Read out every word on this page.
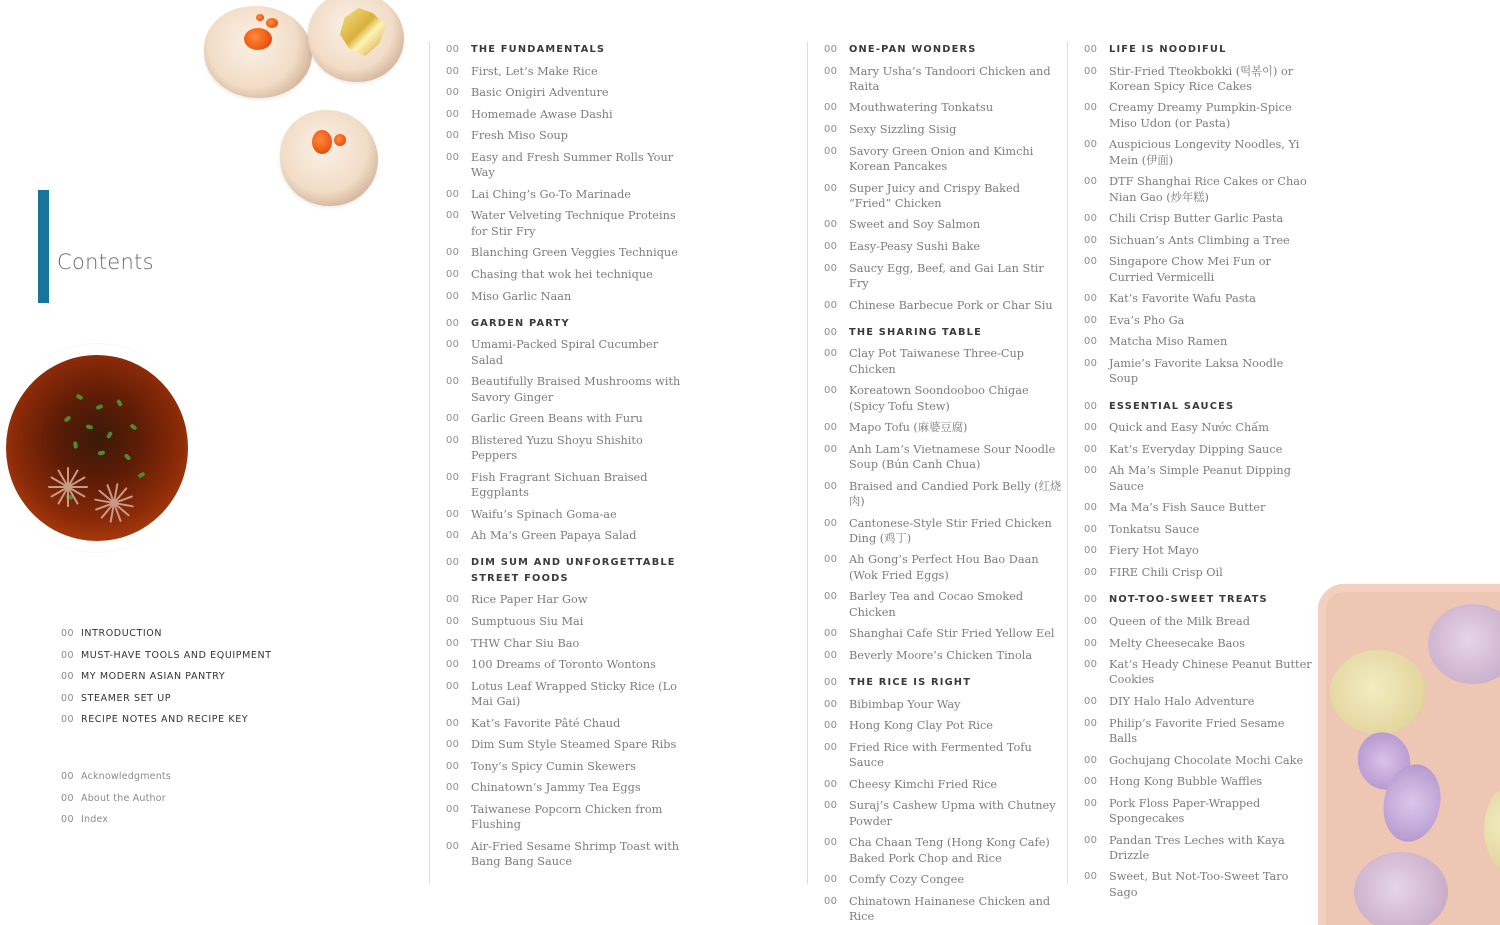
Contents
00 INTRODUCTION
00 MUST-HAVE TOOLS AND EQUIPMENT
00 MY MODERN ASIAN PANTRY
00 STEAMER SET UP
00 RECIPE NOTES AND RECIPE KEY
00 Acknowledgments
00 About the Author
00 Index
00	THE FUNDAMENTALS
00	First, Let’s Make Rice
00	Basic Onigiri Adventure
00	Homemade Awase Dashi
00	Fresh Miso Soup
00	Easy and Fresh Summer Rolls Your Way
00	Lai Ching’s Go-To Marinade
00	Water Velveting Technique Proteins for Stir Fry
00	Blanching Green Veggies Technique
00	Chasing that wok hei technique
00	Miso Garlic Naan
00	GARDEN PARTY
00	Umami-Packed Spiral Cucumber Salad
00	Beautifully Braised Mushrooms with Savory Ginger
00	Garlic Green Beans with Furu
00	Blistered Yuzu Shoyu Shishito Peppers
00	Fish Fragrant Sichuan Braised Eggplants
00	Waifu’s Spinach Goma-ae
00	Ah Ma’s Green Papaya Salad
00	DIM SUM AND UNFORGETTABLE STREET FOODS
00	Rice Paper Har Gow
00	Sumptuous Siu Mai
00	THW Char Siu Bao
00	100 Dreams of Toronto Wontons
00	Lotus Leaf Wrapped Sticky Rice (Lo Mai Gai)
00	Kat’s Favorite Pâté Chaud
00	Dim Sum Style Steamed Spare Ribs
00	Tony’s Spicy Cumin Skewers
00	Chinatown’s Jammy Tea Eggs
00	Taiwanese Popcorn Chicken from Flushing
00	Air-Fried Sesame Shrimp Toast with Bang Bang Sauce
00	ONE-PAN WONDERS
00	Mary Usha’s Tandoori Chicken and Raita
00	Mouthwatering Tonkatsu
00	Sexy Sizzling Sisig
00	Savory Green Onion and Kimchi Korean Pancakes
00	Super Juicy and Crispy Baked “Fried” Chicken
00	Sweet and Soy Salmon
00	Easy-Peasy Sushi Bake
00	Saucy Egg, Beef, and Gai Lan Stir Fry
00	Chinese Barbecue Pork or Char Siu
00	THE SHARING TABLE
00	Clay Pot Taiwanese Three-Cup Chicken
00	Koreatown Soondooboo Chigae (Spicy Tofu Stew)
00	Mapo Tofu (麻婆豆腐)
00	Anh Lam’s Vietnamese Sour Noodle Soup (Bún Canh Chua)
00	Braised and Candied Pork Belly (红烧肉)
00	Cantonese-Style Stir Fried Chicken Ding (鸡丁)
00	Ah Gong’s Perfect Hou Bao Daan (Wok Fried Eggs)
00	Barley Tea and Cocao Smoked Chicken
00	Shanghai Cafe Stir Fried Yellow Eel
00	Beverly Moore’s Chicken Tinola
00	THE RICE IS RIGHT
00	Bibimbap Your Way
00	Hong Kong Clay Pot Rice
00	Fried Rice with Fermented Tofu Sauce
00	Cheesy Kimchi Fried Rice
00	Suraj’s Cashew Upma with Chutney Powder
00	Cha Chaan Teng (Hong Kong Cafe) Baked Pork Chop and Rice
00	Comfy Cozy Congee
00	Chinatown Hainanese Chicken and Rice
00	LIFE IS NOODIFUL
00	Stir-Fried Tteokbokki (떡볶이) or Korean Spicy Rice Cakes
00	Creamy Dreamy Pumpkin-Spice Miso Udon (or Pasta)
00	Auspicious Longevity Noodles, Yi Mein (伊面)
00	DTF Shanghai Rice Cakes or Chao Nian Gao (炒年糕)
00	Chili Crisp Butter Garlic Pasta
00	Sichuan’s Ants Climbing a Tree
00	Singapore Chow Mei Fun or Curried Vermicelli
00	Kat’s Favorite Wafu Pasta
00	Eva’s Pho Ga
00	Matcha Miso Ramen
00	Jamie’s Favorite Laksa Noodle Soup
00	ESSENTIAL SAUCES
00	Quick and Easy Nước Chấm
00	Kat’s Everyday Dipping Sauce
00	Ah Ma’s Simple Peanut Dipping Sauce
00	Ma Ma’s Fish Sauce Butter
00	Tonkatsu Sauce
00	Fiery Hot Mayo
00	FIRE Chili Crisp Oil
00	NOT-TOO-SWEET TREATS
00	Queen of the Milk Bread
00	Melty Cheesecake Baos
00	Kat’s Heady Chinese Peanut Butter Cookies
00	DIY Halo Halo Adventure
00	Philip’s Favorite Fried Sesame Balls
00	Gochujang Chocolate Mochi Cake
00	Hong Kong Bubble Waffles
00	Pork Floss Paper-Wrapped Spongecakes
00	Pandan Tres Leches with Kaya Drizzle
00	Sweet, But Not-Too-Sweet Taro Sago
